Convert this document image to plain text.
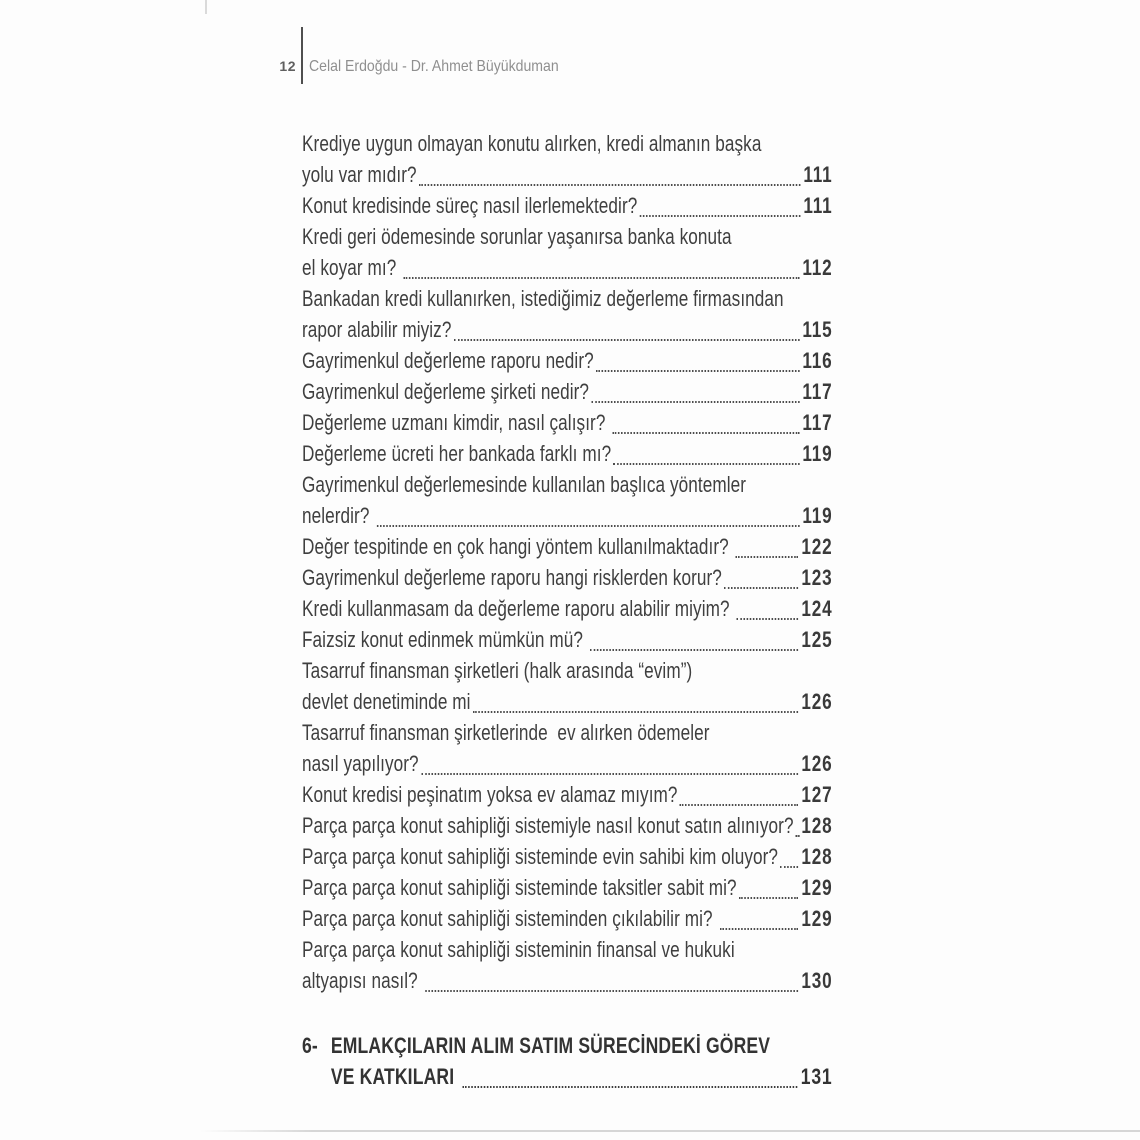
12 Celal Erdoğdu - Dr. Ahmet Büyükduman
Krediye uygun olmayan konutu alırken, kredi almanın başka
yolu var mıdır?	111
Konut kredisinde süreç nasıl ilerlemektedir?	111
Kredi geri ödemesinde sorunlar yaşanırsa banka konuta
el koyar mı?	112
Bankadan kredi kullanırken, istediğimiz değerleme firmasından
rapor alabilir miyiz?	115
Gayrimenkul değerleme raporu nedir?	116
Gayrimenkul değerleme şirketi nedir?	117
Değerleme uzmanı kimdir, nasıl çalışır?	117
Değerleme ücreti her bankada farklı mı?	119
Gayrimenkul değerlemesinde kullanılan başlıca yöntemler
nelerdir?	119
Değer tespitinde en çok hangi yöntem kullanılmaktadır?	122
Gayrimenkul değerleme raporu hangi risklerden korur?	123
Kredi kullanmasam da değerleme raporu alabilir miyim?	124
Faizsiz konut edinmek mümkün mü?	125
Tasarruf finansman şirketleri (halk arasında “evim”)
devlet denetiminde mi	126
Tasarruf finansman şirketlerinde  ev alırken ödemeler
nasıl yapılıyor?	126
Konut kredisi peşinatım yoksa ev alamaz mıyım?	127
Parça parça konut sahipliği sistemiyle nasıl konut satın alınıyor? 128
Parça parça konut sahipliği sisteminde evin sahibi kim oluyor? 128
Parça parça konut sahipliği sisteminde taksitler sabit mi?	129
Parça parça konut sahipliği sisteminden çıkılabilir mi?	129
Parça parça konut sahipliği sisteminin finansal ve hukuki
altyapısı nasıl?	130
6- EMLAKÇILARIN ALIM SATIM SÜRECİNDEKİ GÖREV
VE KATKILARI	131
